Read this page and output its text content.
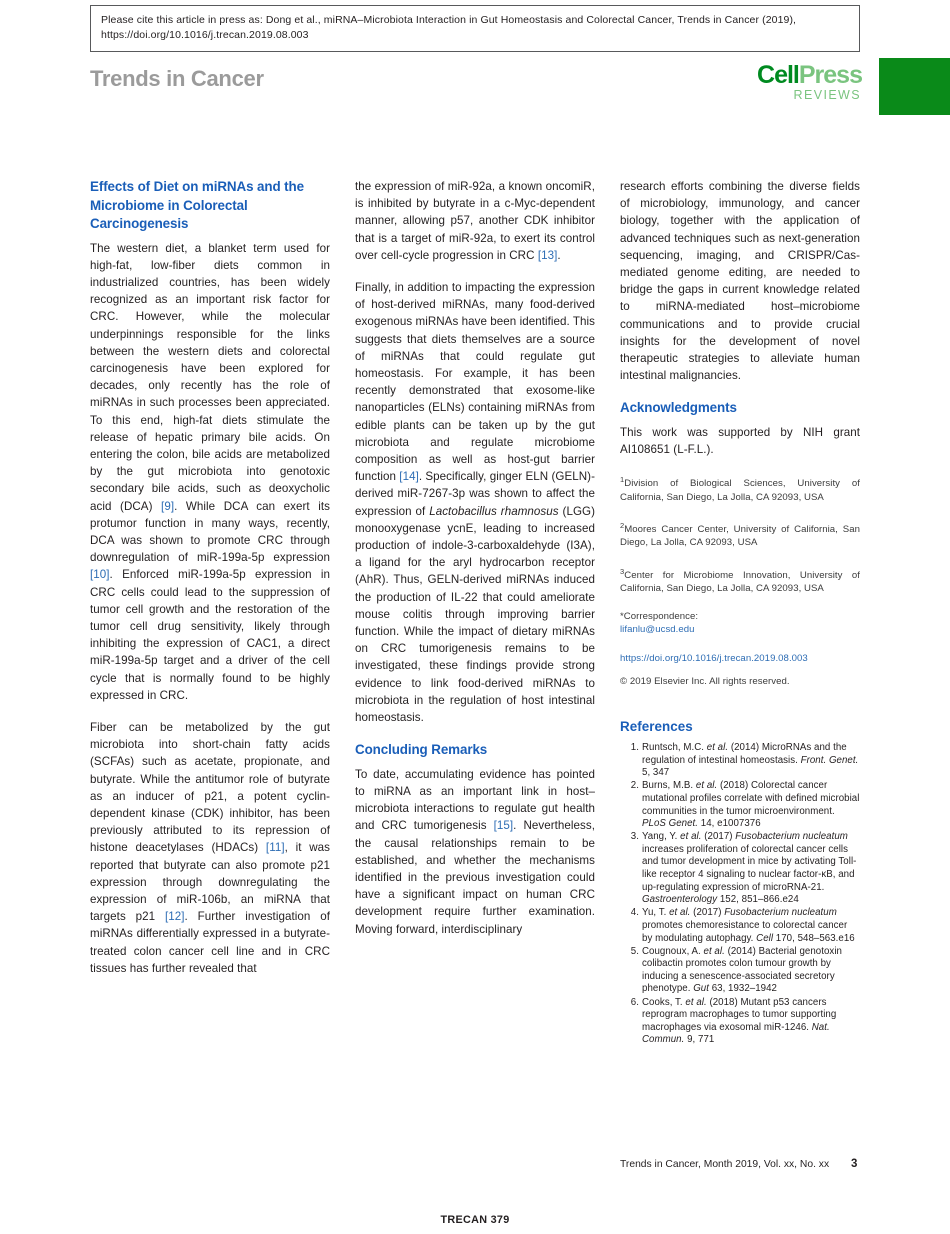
Please cite this article in press as: Dong et al., miRNA–Microbiota Interaction in Gut Homeostasis and Colorectal Cancer, Trends in Cancer (2019), https://doi.org/10.1016/j.trecan.2019.08.003

Trends in Cancer	CellPress
REVIEWS
Effects of Diet on miRNAs and the Microbiome in Colorectal Carcinogenesis

The western diet, a blanket term used for high-fat, low-fiber diets common in industrialized countries, has been widely recognized as an important risk factor for CRC. However, while the molecular underpinnings responsible for the links between the western diets and colorectal carcinogenesis have been explored for decades, only recently has the role of miRNAs in such processes been appreciated. To this end, high-fat diets stimulate the release of hepatic primary bile acids. On entering the colon, bile acids are metabolized by the gut microbiota into genotoxic secondary bile acids, such as deoxycholic acid (DCA) [9]. While DCA can exert its protumor function in many ways, recently, DCA was shown to promote CRC through downregulation of miR-199a-5p expression [10]. Enforced miR-199a-5p expression in CRC cells could lead to the suppression of tumor cell growth and the restoration of the tumor cell drug sensitivity, likely through inhibiting the expression of CAC1, a direct miR-199a-5p target and a driver of the cell cycle that is normally found to be highly expressed in CRC.

Fiber can be metabolized by the gut microbiota into short-chain fatty acids (SCFAs) such as acetate, propionate, and butyrate. While the antitumor role of butyrate as an inducer of p21, a potent cyclin-dependent kinase (CDK) inhibitor, has been previously attributed to its repression of histone deacetylases (HDACs) [11], it was reported that butyrate can also promote p21 expression through downregulating the expression of miR-106b, an miRNA that targets p21 [12]. Further investigation of miRNAs differentially expressed in a butyrate-treated colon cancer cell line and in CRC tissues has further revealed that

the expression of miR-92a, a known oncomiR, is inhibited by butyrate in a c-Myc-dependent manner, allowing p57, another CDK inhibitor that is a target of miR-92a, to exert its control over cell-cycle progression in CRC [13].

Finally, in addition to impacting the expression of host-derived miRNAs, many food-derived exogenous miRNAs have been identified. This suggests that diets themselves are a source of miRNAs that could regulate gut homeostasis. For example, it has been recently demonstrated that exosome-like nanoparticles (ELNs) containing miRNAs from edible plants can be taken up by the gut microbiota and regulate microbiome composition as well as host-gut barrier function [14]. Specifically, ginger ELN (GELN)-derived miR-7267-3p was shown to affect the expression of Lactobacillus rhamnosus (LGG) monooxygenase ycnE, leading to increased production of indole-3-carboxaldehyde (I3A), a ligand for the aryl hydrocarbon receptor (AhR). Thus, GELN-derived miRNAs induced the production of IL-22 that could ameliorate mouse colitis through improving barrier function. While the impact of dietary miRNAs on CRC tumorigenesis remains to be investigated, these findings provide strong evidence to link food-derived miRNAs to microbiota in the regulation of host intestinal homeostasis.

Concluding Remarks

To date, accumulating evidence has pointed to miRNA as an important link in host–microbiota interactions to regulate gut health and CRC tumorigenesis [15]. Nevertheless, the causal relationships remain to be established, and whether the mechanisms identified in the previous investigation could have a significant impact on human CRC development require further examination. Moving forward, interdisciplinary

research efforts combining the diverse fields of microbiology, immunology, and cancer biology, together with the application of advanced techniques such as next-generation sequencing, imaging, and CRISPR/Cas-mediated genome editing, are needed to bridge the gaps in current knowledge related to miRNA-mediated host–microbiome communications and to provide crucial insights for the development of novel therapeutic strategies to alleviate human intestinal malignancies.

Acknowledgments

This work was supported by NIH grant AI108651 (L-F.L.).

$^1$Division of Biological Sciences, University of California, San Diego, La Jolla, CA 92093, USA

$^2$Moores Cancer Center, University of California, San Diego, La Jolla, CA 92093, USA

$^3$Center for Microbiome Innovation, University of California, San Diego, La Jolla, CA 92093, USA

*Correspondence:
lifanlu@ucsd.edu

https://doi.org/10.1016/j.trecan.2019.08.003

© 2019 Elsevier Inc. All rights reserved.

References
Runtsch, M.C. et al. (2014) MicroRNAs and the regulation of intestinal homeostasis. Front. Genet. 5, 347
Burns, M.B. et al. (2018) Colorectal cancer mutational profiles correlate with defined microbial communities in the tumor microenvironment. PLoS Genet. 14, e1007376
Yang, Y. et al. (2017) Fusobacterium nucleatum increases proliferation of colorectal cancer cells and tumor development in mice by activating Toll-like receptor 4 signaling to nuclear factor-κB, and up-regulating expression of microRNA-21. Gastroenterology 152, 851–866.e24
Yu, T. et al. (2017) Fusobacterium nucleatum promotes chemoresistance to colorectal cancer by modulating autophagy. Cell 170, 548–563.e16
Cougnoux, A. et al. (2014) Bacterial genotoxin colibactin promotes colon tumour growth by inducing a senescence-associated secretory phenotype. Gut 63, 1932–1942
Cooks, T. et al. (2018) Mutant p53 cancers reprogram macrophages to tumor supporting macrophages via exosomal miR-1246. Nat. Commun. 9, 771
Trends in Cancer, Month 2019, Vol. xx, No. xx	3
TRECAN 379
